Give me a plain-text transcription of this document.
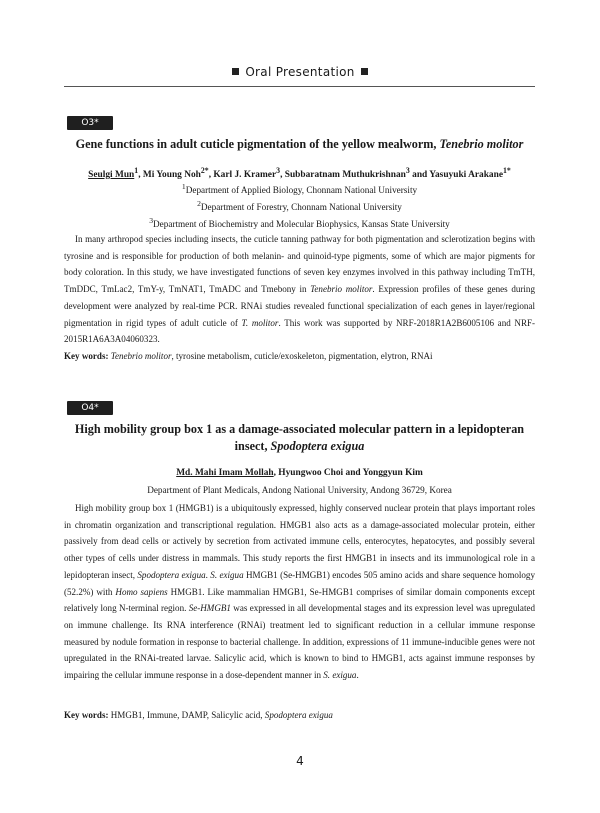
Oral Presentation
O3*
Gene functions in adult cuticle pigmentation of the yellow mealworm, Tenebrio molitor
Seulgi Mun$^1$, Mi Young Noh$^{2*}$, Karl J. Kramer$^3$, Subbaratnam Muthukrishnan$^3$ and Yasuyuki Arakane$^{1*}$
$^1$Department of Applied Biology, Chonnam National University
$^2$Department of Forestry, Chonnam National University
$^3$Department of Biochemistry and Molecular Biophysics, Kansas State University
In many arthropod species including insects, the cuticle tanning pathway for both pigmentation and sclerotization begins with tyrosine and is responsible for production of both melanin- and quinoid-type pigments, some of which are major pigments for body coloration. In this study, we have investigated functions of seven key enzymes involved in this pathway including TmTH, TmDDC, TmLac2, TmY-y, TmNAT1, TmADC and Tmebony in Tenebrio molitor. Expression profiles of these genes during development were analyzed by real-time PCR. RNAi studies revealed functional specialization of each genes in layer/regional pigmentation in rigid types of adult cuticle of T. molitor. This work was supported by NRF-2018R1A2B6005106 and NRF-2015R1A6A3A04060323.
Key words: Tenebrio molitor, tyrosine metabolism, cuticle/exoskeleton, pigmentation, elytron, RNAi
O4*
High mobility group box 1 as a damage-associated molecular pattern in a lepidopteran
insect, Spodoptera exigua
Md. Mahi Imam Mollah, Hyungwoo Choi and Yonggyun Kim
Department of Plant Medicals, Andong National University, Andong 36729, Korea
High mobility group box 1 (HMGB1) is a ubiquitously expressed, highly conserved nuclear protein that plays important roles in chromatin organization and transcriptional regulation. HMGB1 also acts as a damage-associated molecular protein, either passively from dead cells or actively by secretion from activated immune cells, enterocytes, hepatocytes, and possibly several other types of cells under distress in mammals. This study reports the first HMGB1 in insects and its immunological role in a lepidopteran insect, Spodoptera exigua. S. exigua HMGB1 (Se-HMGB1) encodes 505 amino acids and share sequence homology (52.2%) with Homo sapiens HMGB1. Like mammalian HMGB1, Se-HMGB1 comprises of similar domain components except relatively long N-terminal region. Se-HMGB1 was expressed in all developmental stages and its expression level was upregulated on immune challenge. Its RNA interference (RNAi) treatment led to significant reduction in a cellular immune response measured by nodule formation in response to bacterial challenge. In addition, expressions of 11 immune-inducible genes were not upregulated in the RNAi-treated larvae. Salicylic acid, which is known to bind to HMGB1, acts against immune responses by impairing the cellular immune response in a dose-dependent manner in S. exigua.
Key words: HMGB1, Immune, DAMP, Salicylic acid, Spodoptera exigua
4
